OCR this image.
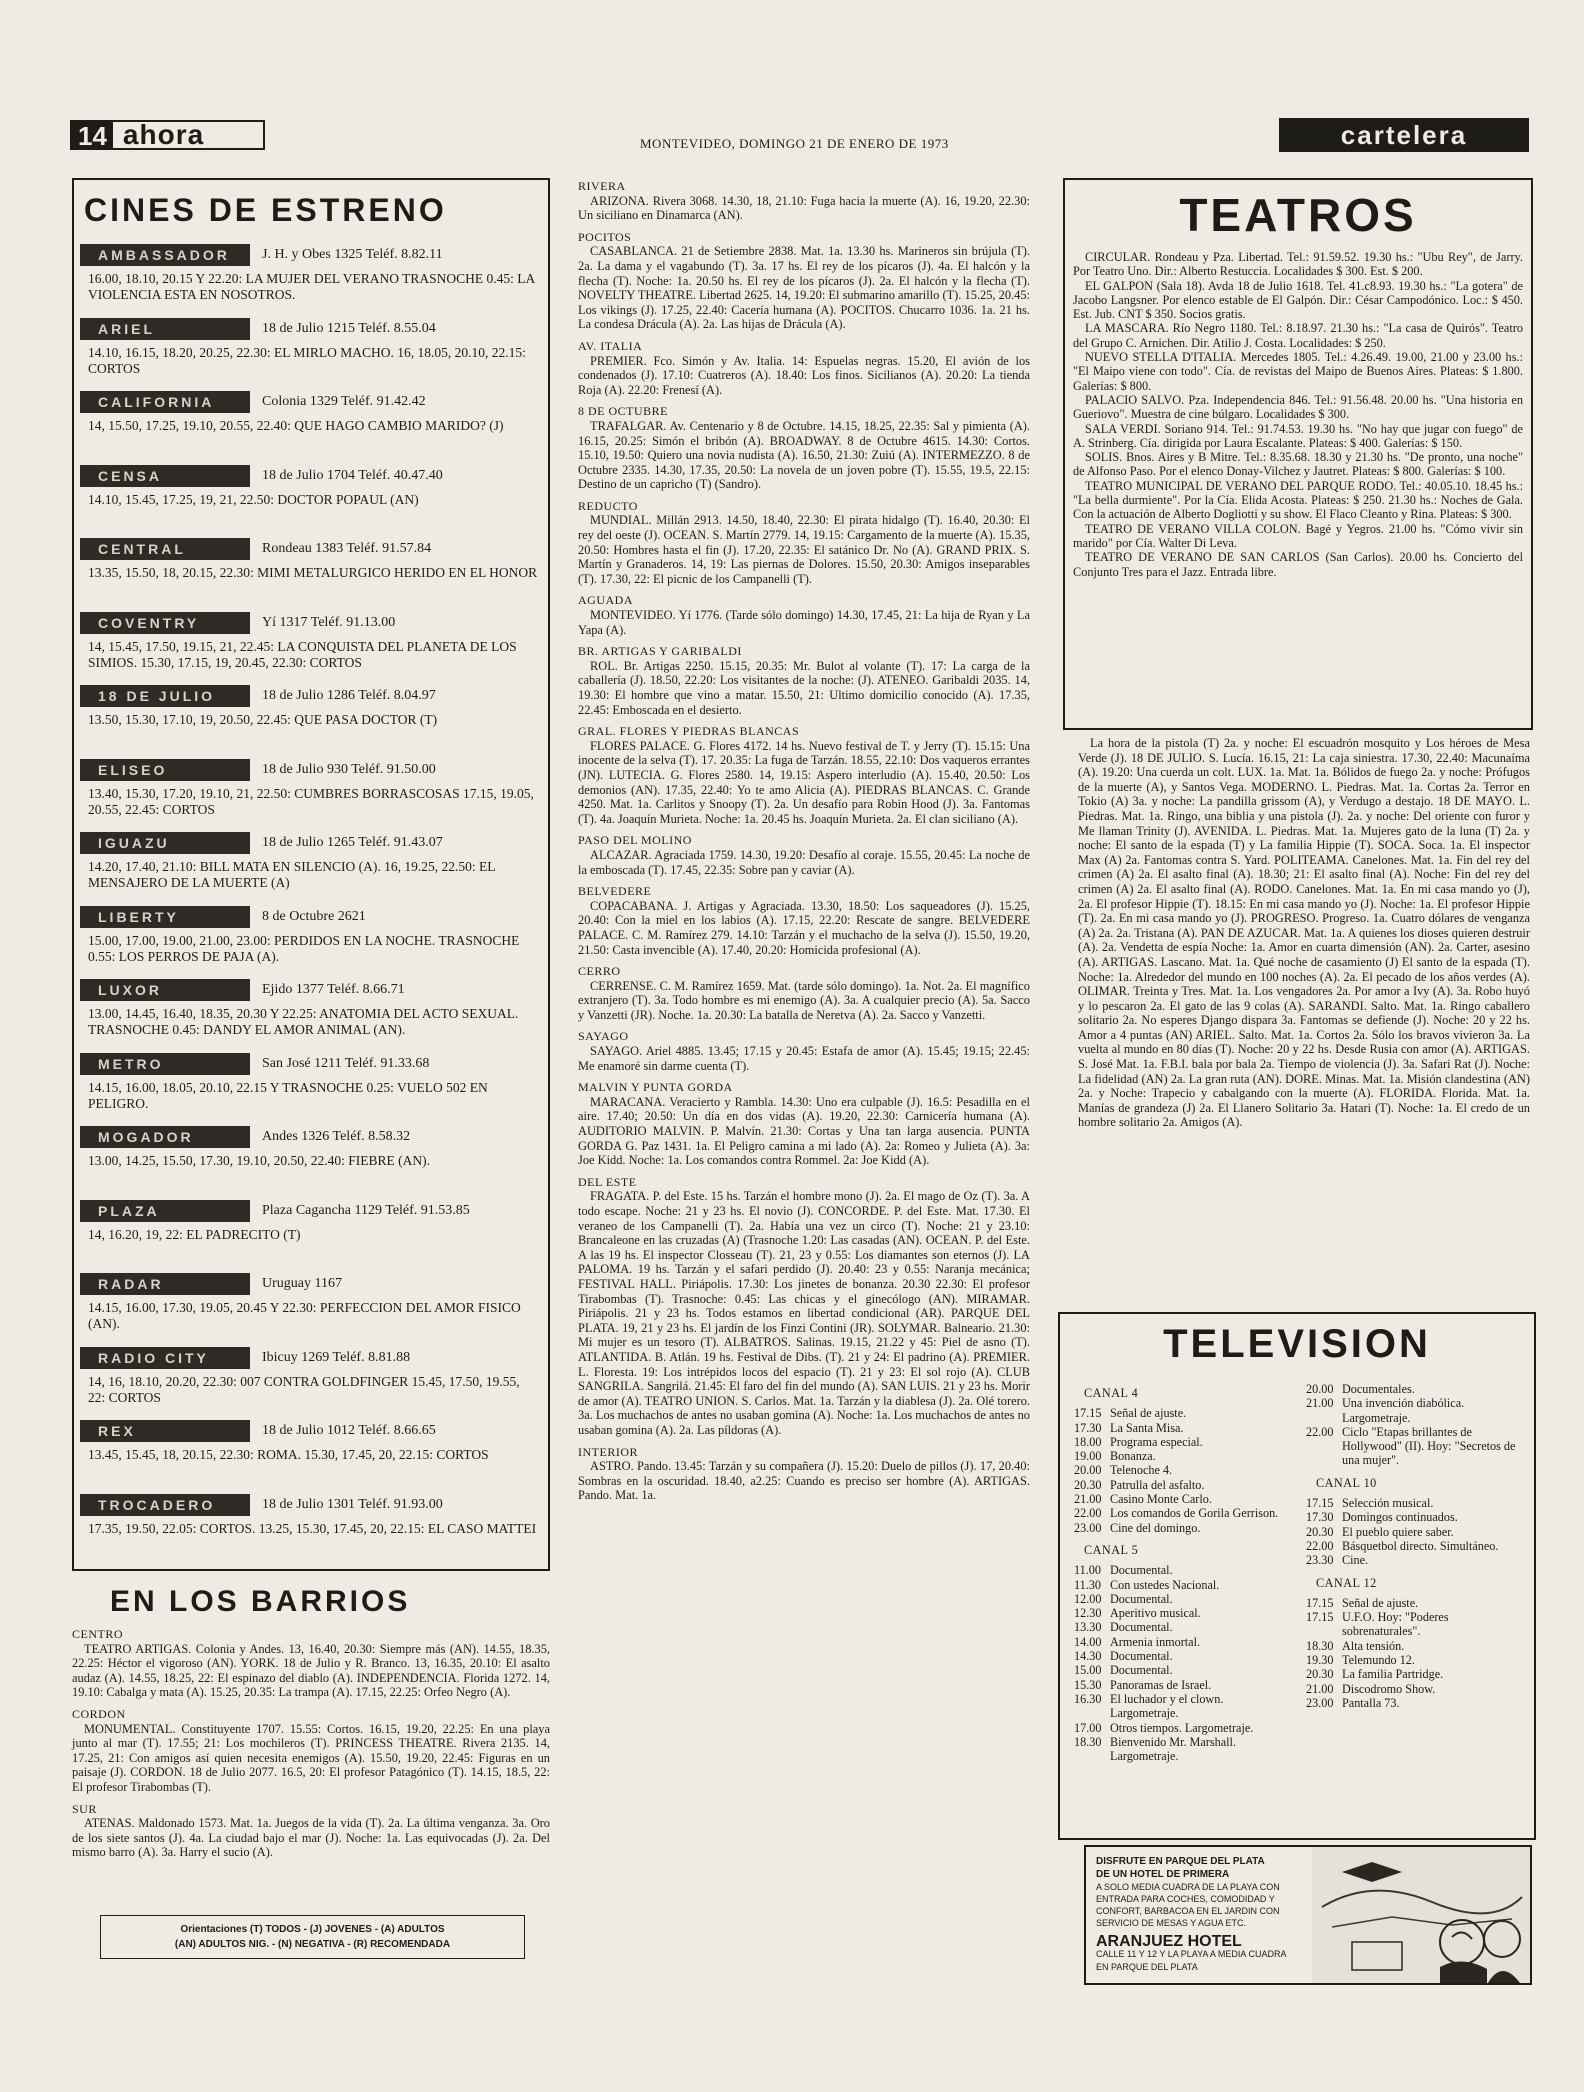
14 ahora	MONTEVIDEO, DOMINGO 21 DE ENERO DE 1973	cartelera
CINES DE ESTRENO
AMBASSADOR	J. H. y Obes 1325 Teléf. 8.82.11
16.00, 18.10, 20.15 Y 22.20: LA MUJER DEL VERANO TRASNOCHE 0.45: LA VIOLENCIA ESTA EN NOSOTROS.
ARIEL	18 de Julio 1215 Teléf. 8.55.04
14.10, 16.15, 18.20, 20.25, 22.30: EL MIRLO MACHO. 16, 18.05, 20.10, 22.15: CORTOS
CALIFORNIA	Colonia 1329 Teléf. 91.42.42
14, 15.50, 17.25, 19.10, 20.55, 22.40: QUE HAGO CAMBIO MARIDO? (J)
CENSA	18 de Julio 1704 Teléf. 40.47.40
14.10, 15.45, 17.25, 19, 21, 22.50: DOCTOR POPAUL (AN)
CENTRAL	Rondeau 1383 Teléf. 91.57.84
13.35, 15.50, 18, 20.15, 22.30: MIMI METALURGICO HERIDO EN EL HONOR
COVENTRY	Yí 1317 Teléf. 91.13.00
14, 15.45, 17.50, 19.15, 21, 22.45: LA CONQUISTA DEL PLANETA DE LOS SIMIOS. 15.30, 17.15, 19, 20.45, 22.30: CORTOS
18 DE JULIO	18 de Julio 1286 Teléf. 8.04.97
13.50, 15.30, 17.10, 19, 20.50, 22.45: QUE PASA DOCTOR (T)
ELISEO	18 de Julio 930 Teléf. 91.50.00
13.40, 15.30, 17.20, 19.10, 21, 22.50: CUMBRES BORRASCOSAS 17.15, 19.05, 20.55, 22.45: CORTOS
IGUAZU	18 de Julio 1265 Teléf. 91.43.07
14.20, 17.40, 21.10: BILL MATA EN SILENCIO (A). 16, 19.25, 22.50: EL MENSAJERO DE LA MUERTE (A)
LIBERTY	8 de Octubre 2621
15.00, 17.00, 19.00, 21.00, 23.00: PERDIDOS EN LA NOCHE. TRASNOCHE 0.55: LOS PERROS DE PAJA (A).
LUXOR	Ejido 1377 Teléf. 8.66.71
13.00, 14.45, 16.40, 18.35, 20.30 Y 22.25: ANATOMIA DEL ACTO SEXUAL. TRASNOCHE 0.45: DANDY EL AMOR ANIMAL (AN).
METRO	San José 1211 Teléf. 91.33.68
14.15, 16.00, 18.05, 20.10, 22.15 Y TRASNOCHE 0.25: VUELO 502 EN PELIGRO.
MOGADOR	Andes 1326 Teléf. 8.58.32
13.00, 14.25, 15.50, 17.30, 19.10, 20.50, 22.40: FIEBRE (AN).
PLAZA	Plaza Cagancha 1129 Teléf. 91.53.85
14, 16.20, 19, 22: EL PADRECITO (T)
RADAR	Uruguay 1167
14.15, 16.00, 17.30, 19.05, 20.45 Y 22.30: PERFECCION DEL AMOR FISICO (AN).
RADIO CITY	Ibicuy 1269 Teléf. 8.81.88
14, 16, 18.10, 20.20, 22.30: 007 CONTRA GOLDFINGER 15.45, 17.50, 19.55, 22: CORTOS
REX	18 de Julio 1012 Teléf. 8.66.65
13.45, 15.45, 18, 20.15, 22.30: ROMA. 15.30, 17.45, 20, 22.15: CORTOS
TROCADERO	18 de Julio 1301 Teléf. 91.93.00
17.35, 19.50, 22.05: CORTOS. 13.25, 15.30, 17.45, 20, 22.15: EL CASO MATTEI
EN LOS BARRIOS
CENTRO

TEATRO ARTIGAS. Colonia y Andes. 13, 16.40, 20.30: Siempre más (AN). 14.55, 18.35, 22.25: Héctor el vigoroso (AN). YORK. 18 de Julio y R. Branco. 13, 16.35, 20.10: El asalto audaz (A). 14.55, 18.25, 22: El espinazo del diablo (A). INDEPENDENCIA. Florida 1272. 14, 19.10: Cabalga y mata (A). 15.25, 20.35: La trampa (A). 17.15, 22.25: Orfeo Negro (A).

CORDON

MONUMENTAL. Constituyente 1707. 15.55: Cortos. 16.15, 19.20, 22.25: En una playa junto al mar (T). 17.55; 21: Los mochileros (T). PRINCESS THEATRE. Rivera 2135. 14, 17.25, 21: Con amigos así quien necesita enemigos (A). 15.50, 19.20, 22.45: Figuras en un paisaje (J). CORDON. 18 de Julio 2077. 16.5, 20: El profesor Patagónico (T). 14.15, 18.5, 22: El profesor Tirabombas (T).

SUR

ATENAS. Maldonado 1573. Mat. 1a. Juegos de la vida (T). 2a. La última venganza. 3a. Oro de los siete santos (J). 4a. La ciudad bajo el mar (J). Noche: 1a. Las equivocadas (J). 2a. Del mismo barro (A). 3a. Harry el sucio (A).

Orientaciones (T) TODOS - (J) JOVENES - (A) ADULTOS
(AN) ADULTOS NIG. - (N) NEGATIVA - (R) RECOMENDADA
RIVERA

ARIZONA. Rivera 3068. 14.30, 18, 21.10: Fuga hacia la muerte (A). 16, 19.20, 22.30: Un siciliano en Dinamarca (AN).

POCITOS

CASABLANCA. 21 de Setiembre 2838. Mat. 1a. 13.30 hs. Marineros sin brújula (T). 2a. La dama y el vagabundo (T). 3a. 17 hs. El rey de los pícaros (J). 4a. El halcón y la flecha (T). Noche: 1a. 20.50 hs. El rey de los pícaros (J). 2a. El halcón y la flecha (T). NOVELTY THEATRE. Libertad 2625. 14, 19.20: El submarino amarillo (T). 15.25, 20.45: Los vikings (J). 17.25, 22.40: Cacería humana (A). POCITOS. Chucarro 1036. 1a. 21 hs. La condesa Drácula (A). 2a. Las hijas de Drácula (A).

AV. ITALIA

PREMIER. Fco. Simón y Av. Italia. 14: Espuelas negras. 15.20, El avión de los condenados (J). 17.10: Cuatreros (A). 18.40: Los finos. Sicilianos (A). 20.20: La tienda Roja (A). 22.20: Frenesí (A).

8 DE OCTUBRE

TRAFALGAR. Av. Centenario y 8 de Octubre. 14.15, 18.25, 22.35: Sal y pimienta (A). 16.15, 20.25: Simón el bribón (A). BROADWAY. 8 de Octubre 4615. 14.30: Cortos. 15.10, 19.50: Quiero una novia nudista (A). 16.50, 21.30: Zuiú (A). INTERMEZZO. 8 de Octubre 2335. 14.30, 17.35, 20.50: La novela de un joven pobre (T). 15.55, 19.5, 22.15: Destino de un capricho (T) (Sandro).

REDUCTO

MUNDIAL. Millán 2913. 14.50, 18.40, 22.30: El pirata hidalgo (T). 16.40, 20.30: El rey del oeste (J). OCEAN. S. Martín 2779. 14, 19.15: Cargamento de la muerte (A). 15.35, 20.50: Hombres hasta el fin (J). 17.20, 22.35: El satánico Dr. No (A). GRAND PRIX. S. Martín y Granaderos. 14, 19: Las piernas de Dolores. 15.50, 20.30: Amigos inseparables (T). 17.30, 22: El picnic de los Campanelli (T).

AGUADA

MONTEVIDEO. Yí 1776. (Tarde sólo domingo) 14.30, 17.45, 21: La hija de Ryan y La Yapa (A).

BR. ARTIGAS Y GARIBALDI

ROL. Br. Artigas 2250. 15.15, 20.35: Mr. Bulot al volante (T). 17: La carga de la caballería (J). 18.50, 22.20: Los visitantes de la noche: (J). ATENEO. Garibaldi 2035. 14, 19.30: El hombre que vino a matar. 15.50, 21: Ultimo domicilio conocido (A). 17.35, 22.45: Emboscada en el desierto.

GRAL. FLORES Y PIEDRAS BLANCAS

FLORES PALACE. G. Flores 4172. 14 hs. Nuevo festival de T. y Jerry (T). 15.15: Una inocente de la selva (T). 17. 20.35: La fuga de Tarzán. 18.55, 22.10: Dos vaqueros errantes (JN). LUTECIA. G. Flores 2580. 14, 19.15: Aspero interludio (A). 15.40, 20.50: Los demonios (AN). 17.35, 22.40: Yo te amo Alicia (A). PIEDRAS BLANCAS. C. Grande 4250. Mat. 1a. Carlitos y Snoopy (T). 2a. Un desafío para Robin Hood (J). 3a. Fantomas (T). 4a. Joaquín Murieta. Noche: 1a. 20.45 hs. Joaquín Murieta. 2a. El clan siciliano (A).

PASO DEL MOLINO

ALCAZAR. Agraciada 1759. 14.30, 19.20: Desafío al coraje. 15.55, 20.45: La noche de la emboscada (T). 17.45, 22.35: Sobre pan y caviar (A).

BELVEDERE

COPACABANA. J. Artigas y Agraciada. 13.30, 18.50: Los saqueadores (J). 15.25, 20.40: Con la miel en los labios (A). 17.15, 22.20: Rescate de sangre. BELVEDERE PALACE. C. M. Ramírez 279. 14.10: Tarzán y el muchacho de la selva (J). 15.50, 19.20, 21.50: Casta invencible (A). 17.40, 20.20: Homicida profesional (A).

CERRO

CERRENSE. C. M. Ramírez 1659. Mat. (tarde sólo domingo). 1a. Not. 2a. El magnífico extranjero (T). 3a. Todo hombre es mi enemigo (A). 3a. A cualquier precio (A). 5a. Sacco y Vanzetti (JR). Noche. 1a. 20.30: La batalla de Neretva (A). 2a. Sacco y Vanzetti.

SAYAGO

SAYAGO. Ariel 4885. 13.45; 17.15 y 20.45: Estafa de amor (A). 15.45; 19.15; 22.45: Me enamoré sin darme cuenta (T).

MALVIN Y PUNTA GORDA

MARACANA. Veracierto y Rambla. 14.30: Uno era culpable (J). 16.5: Pesadilla en el aire. 17.40; 20.50: Un día en dos vidas (A). 19.20, 22.30: Carnicería humana (A). AUDITORIO MALVIN. P. Malvín. 21.30: Cortas y Una tan larga ausencia. PUNTA GORDA G. Paz 1431. 1a. El Peligro camina a mi lado (A). 2a: Romeo y Julieta (A). 3a: Joe Kidd. Noche: 1a. Los comandos contra Rommel. 2a: Joe Kidd (A).

DEL ESTE

FRAGATA. P. del Este. 15 hs. Tarzán el hombre mono (J). 2a. El mago de Oz (T). 3a. A todo escape. Noche: 21 y 23 hs. El novio (J). CONCORDE. P. del Este. Mat. 17.30. El veraneo de los Campanelli (T). 2a. Había una vez un circo (T). Noche: 21 y 23.10: Brancaleone en las cruzadas (A) (Trasnoche 1.20: Las casadas (AN). OCEAN. P. del Este. A las 19 hs. El inspector Closseau (T). 21, 23 y 0.55: Los diamantes son eternos (J). LA PALOMA. 19 hs. Tarzán y el safari perdido (J). 20.40: 23 y 0.55: Naranja mecánica; FESTIVAL HALL. Piriápolis. 17.30: Los jinetes de bonanza. 20.30 22.30: El profesor Tirabombas (T). Trasnoche: 0.45: Las chicas y el ginecólogo (AN). MIRAMAR. Piriápolis. 21 y 23 hs. Todos estamos en libertad condicional (AR). PARQUE DEL PLATA. 19, 21 y 23 hs. El jardín de los Finzi Contini (JR). SOLYMAR. Balneario. 21.30: Mi mujer es un tesoro (T). ALBATROS. Salinas. 19.15, 21.22 y 45: Piel de asno (T). ATLANTIDA. B. Atlán. 19 hs. Festival de Dibs. (T). 21 y 24: El padrino (A). PREMIER. L. Floresta. 19: Los intrépidos locos del espacio (T). 21 y 23: El sol rojo (A). CLUB SANGRILA. Sangrilá. 21.45: El faro del fin del mundo (A). SAN LUIS. 21 y 23 hs. Morir de amor (A). TEATRO UNION. S. Carlos. Mat. 1a. Tarzán y la diablesa (J). 2a. Olé torero. 3a. Los muchachos de antes no usaban gomina (A). Noche: 1a. Los muchachos de antes no usaban gomina (A). 2a. Las píldoras (A).

INTERIOR

ASTRO. Pando. 13.45: Tarzán y su compañera (J). 15.20: Duelo de pillos (J). 17, 20.40: Sombras en la oscuridad. 18.40, a2.25: Cuando es preciso ser hombre (A). ARTIGAS. Pando. Mat. 1a.

TEATROS

CIRCULAR. Rondeau y Pza. Libertad. Tel.: 91.59.52. 19.30 hs.: "Ubu Rey", de Jarry. Por Teatro Uno. Dir.: Alberto Restuccia. Localidades $ 300. Est. $ 200.

EL GALPON (Sala 18). Avda 18 de Julio 1618. Tel. 41.c8.93. 19.30 hs.: "La gotera" de Jacobo Langsner. Por elenco estable de El Galpón. Dir.: César Campodónico. Loc.: $ 450. Est. Jub. CNT $ 350. Socios gratis.

LA MASCARA. Río Negro 1180. Tel.: 8.18.97. 21.30 hs.: "La casa de Quirós". Teatro del Grupo C. Arnichen. Dir. Atilio J. Costa. Localidades: $ 250.

NUEVO STELLA D'ITALIA. Mercedes 1805. Tel.: 4.26.49. 19.00, 21.00 y 23.00 hs.: "El Maipo viene con todo". Cía. de revistas del Maipo de Buenos Aires. Plateas: $ 1.800. Galerías: $ 800.

PALACIO SALVO. Pza. Independencia 846. Tel.: 91.56.48. 20.00 hs. "Una historia en Gueriovo". Muestra de cine búlgaro. Localidades $ 300.

SALA VERDI. Soriano 914. Tel.: 91.74.53. 19.30 hs. "No hay que jugar con fuego" de A. Strinberg. Cía. dirigida por Laura Escalante. Plateas: $ 400. Galerías: $ 150.

SOLIS. Bnos. Aires y B Mitre. Tel.: 8.35.68. 18.30 y 21.30 hs. "De pronto, una noche" de Alfonso Paso. Por el elenco Donay-Vilchez y Jautret. Plateas: $ 800. Galerías: $ 100.

TEATRO MUNICIPAL DE VERANO DEL PARQUE RODO. Tel.: 40.05.10. 18.45 hs.: "La bella durmiente". Por la Cía. Elida Acosta. Plateas: $ 250. 21.30 hs.: Noches de Gala. Con la actuación de Alberto Dogliotti y su show. El Flaco Cleanto y Rina. Plateas: $ 300.

TEATRO DE VERANO VILLA COLON. Bagé y Yegros. 21.00 hs. "Cómo vivir sin marido" por Cía. Walter Di Leva.

TEATRO DE VERANO DE SAN CARLOS (San Carlos). 20.00 hs. Concierto del Conjunto Tres para el Jazz. Entrada libre.

La hora de la pistola (T) 2a. y noche: El escuadrón mosquito y Los héroes de Mesa Verde (J). 18 DE JULIO. S. Lucía. 16.15, 21: La caja siniestra. 17.30, 22.40: Macunaíma (A). 19.20: Una cuerda un colt. LUX. 1a. Mat. 1a. Bólidos de fuego 2a. y noche: Prófugos de la muerte (A), y Santos Vega. MODERNO. L. Piedras. Mat. 1a. Cortas 2a. Terror en Tokio (A) 3a. y noche: La pandilla grissom (A), y Verdugo a destajo. 18 DE MAYO. L. Piedras. Mat. 1a. Ringo, una biblia y una pistola (J). 2a. y noche: Del oriente con furor y Me llaman Trinity (J). AVENIDA. L. Piedras. Mat. 1a. Mujeres gato de la luna (T) 2a. y noche: El santo de la espada (T) y La familia Hippie (T). SOCA. Soca. 1a. El inspector Max (A) 2a. Fantomas contra S. Yard. POLITEAMA. Canelones. Mat. 1a. Fin del rey del crimen (A) 2a. El asalto final (A). 18.30; 21: El asalto final (A). Noche: Fin del rey del crimen (A) 2a. El asalto final (A). RODO. Canelones. Mat. 1a. En mi casa mando yo (J), 2a. El profesor Hippie (T). 18.15: En mi casa mando yo (J). Noche: 1a. El profesor Hippie (T). 2a. En mi casa mando yo (J). PROGRESO. Progreso. 1a. Cuatro dólares de venganza (A) 2a. 2a. Tristana (A). PAN DE AZUCAR. Mat. 1a. A quienes los dioses quieren destruir (A). 2a. Vendetta de espía Noche: 1a. Amor en cuarta dimensión (AN). 2a. Carter, asesino (A). ARTIGAS. Lascano. Mat. 1a. Qué noche de casamiento (J) El santo de la espada (T). Noche: 1a. Alrededor del mundo en 100 noches (A). 2a. El pecado de los años verdes (A). OLIMAR. Treinta y Tres. Mat. 1a. Los vengadores 2a. Por amor a Ivy (A). 3a. Robo huyó y lo pescaron 2a. El gato de las 9 colas (A). SARANDI. Salto. Mat. 1a. Ringo caballero solitario 2a. No esperes Django dispara 3a. Fantomas se defiende (J). Noche: 20 y 22 hs. Amor a 4 puntas (AN) ARIEL. Salto. Mat. 1a. Cortos 2a. Sólo los bravos vivieron 3a. La vuelta al mundo en 80 días (T). Noche: 20 y 22 hs. Desde Rusia con amor (A). ARTIGAS. S. José Mat. 1a. F.B.I. bala por bala 2a. Tiempo de violencia (J). 3a. Safari Rat (J). Noche: La fidelidad (AN) 2a. La gran ruta (AN). DORE. Minas. Mat. 1a. Misión clandestina (AN) 2a. y Noche: Trapecio y cabalgando con la muerte (A). FLORIDA. Florida. Mat. 1a. Manías de grandeza (J) 2a. El Llanero Solitario 3a. Hatari (T). Noche: 1a. El credo de un hombre solitario 2a. Amigos (A).

TELEVISION
CANAL 4
17.15 Señal de ajuste.
17.30 La Santa Misa.
18.00 Programa especial.
19.00 Bonanza.
20.00 Telenoche 4.
20.30 Patrulla del asfalto.
21.00 Casino Monte Carlo.
22.00 Los comandos de Gorila Gerrison.
23.00 Cine del domingo.
CANAL 5
11.00 Documental.
11.30 Con ustedes Nacional.
12.00 Documental.
12.30 Aperitivo musical.
13.30 Documental.
14.00 Armenia inmortal.
14.30 Documental.
15.00 Documental.
15.30 Panoramas de Israel.
16.30 El luchador y el clown. Largometraje.
17.00 Otros tiempos. Largometraje.
18.30 Bienvenido Mr. Marshall. Largometraje.
20.00 Documentales.
21.00 Una invención diabólica. Largometraje.
22.00 Ciclo "Etapas brillantes de Hollywood" (II). Hoy: "Secretos de una mujer".
CANAL 10
17.15 Selección musical.
17.30 Domingos continuados.
20.30 El pueblo quiere saber.
22.00 Básquetbol directo. Simultáneo.
23.30 Cine.
CANAL 12
17.15 Señal de ajuste.
17.15 U.F.O. Hoy: "Poderes sobrenaturales".
18.30 Alta tensión.
19.30 Telemundo 12.
20.30 La familia Partridge.
21.00 Discodromo Show.
23.00 Pantalla 73.
DISFRUTE EN PARQUE DEL PLATA
DE UN HOTEL DE PRIMERA
A SOLO MEDIA CUADRA DE LA PLAYA CON ENTRADA PARA COCHES, COMODIDAD Y CONFORT, BARBACOA EN EL JARDIN CON SERVICIO DE MESAS Y AGUA ETC.
ARANJUEZ HOTEL
CALLE 11 Y 12 Y LA PLAYA A MEDIA CUADRA
EN PARQUE DEL PLATA
